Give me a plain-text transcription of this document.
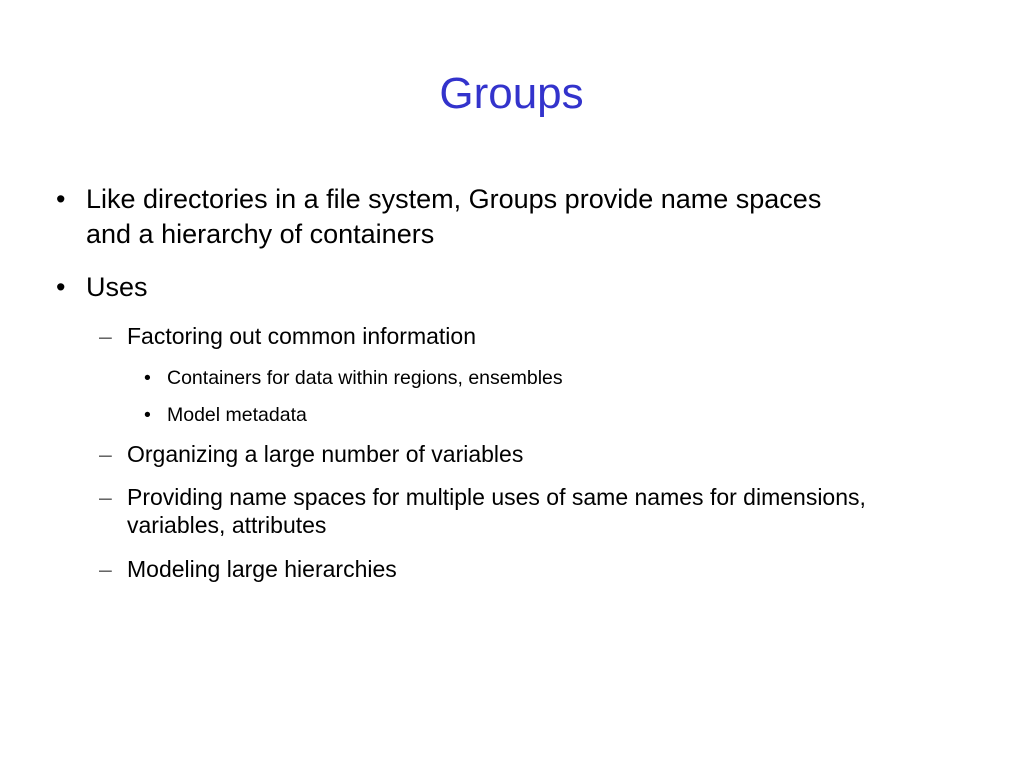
Groups
• Like directories in a file system, Groups provide name spaces
and a hierarchy of containers
• Uses
– Factoring out common information
• Containers for data within regions, ensembles
• Model metadata
– Organizing a large number of variables
– Providing name spaces for multiple uses of same names for dimensions,
variables, attributes
– Modeling large hierarchies
